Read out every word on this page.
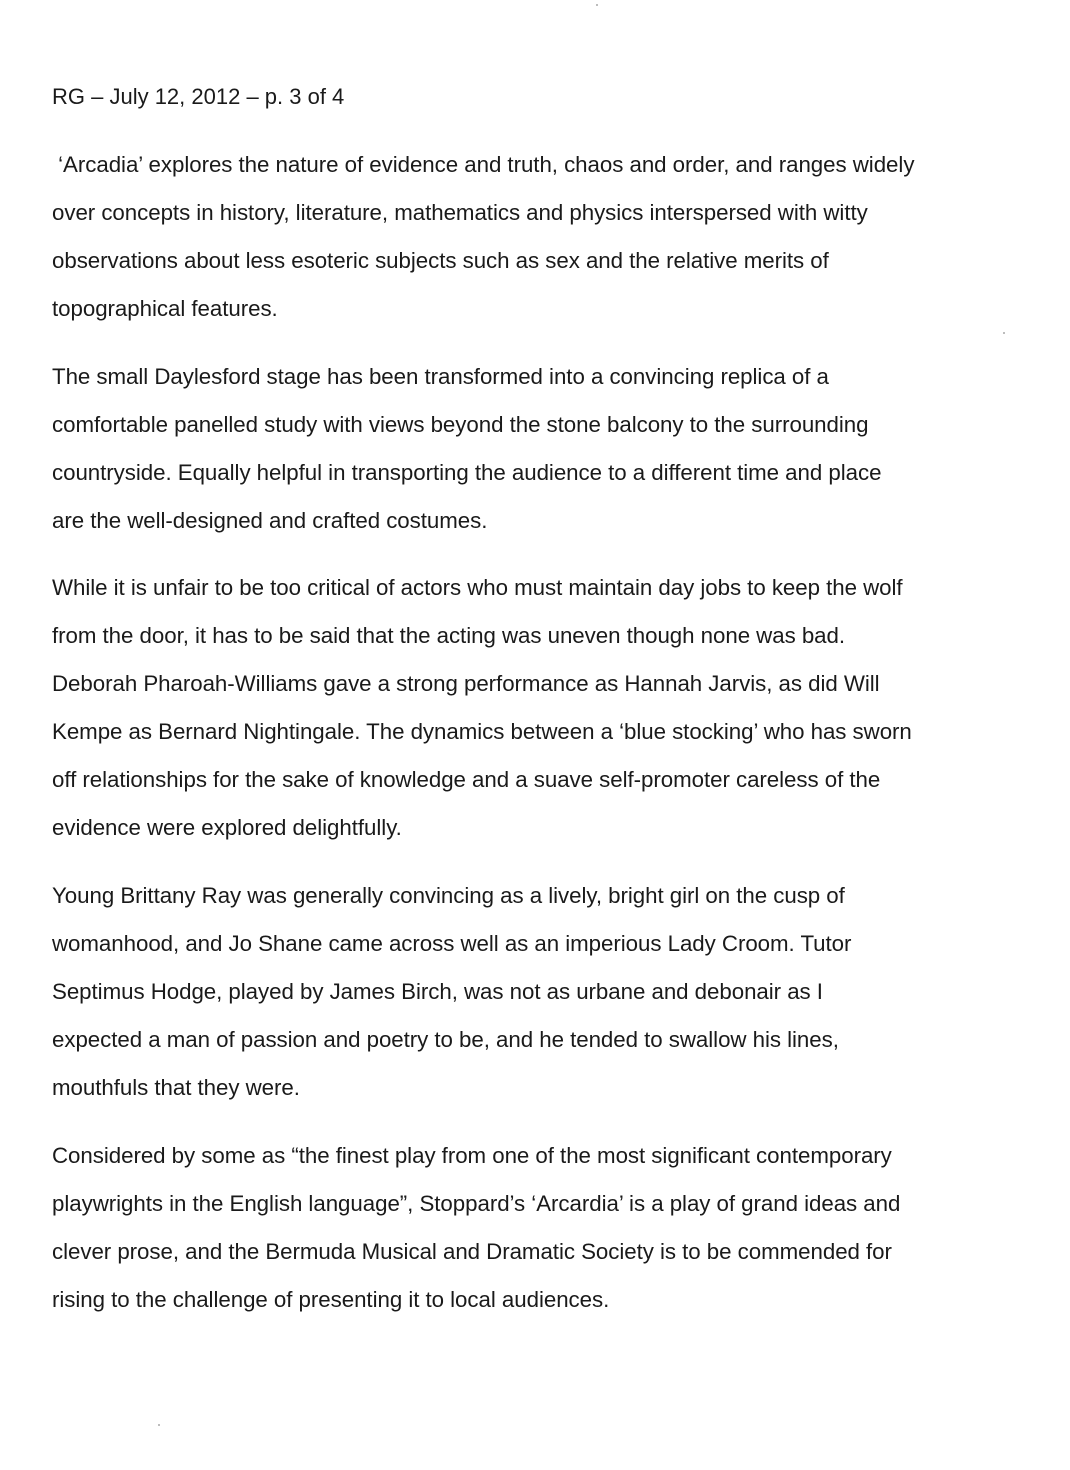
RG – July 12, 2012 – p. 3 of 4

‘Arcadia’ explores the nature of evidence and truth, chaos and order, and ranges widely
over concepts in history, literature, mathematics and physics interspersed with witty
observations about less esoteric subjects such as sex and the relative merits of
topographical features.

The small Daylesford stage has been transformed into a convincing replica of a
comfortable panelled study with views beyond the stone balcony to the surrounding
countryside. Equally helpful in transporting the audience to a different time and place
are the well-designed and crafted costumes.

While it is unfair to be too critical of actors who must maintain day jobs to keep the wolf
from the door, it has to be said that the acting was uneven though none was bad.
Deborah Pharoah-Williams gave a strong performance as Hannah Jarvis, as did Will
Kempe as Bernard Nightingale. The dynamics between a ‘blue stocking’ who has sworn
off relationships for the sake of knowledge and a suave self-promoter careless of the
evidence were explored delightfully.

Young Brittany Ray was generally convincing as a lively, bright girl on the cusp of
womanhood, and Jo Shane came across well as an imperious Lady Croom. Tutor
Septimus Hodge, played by James Birch, was not as urbane and debonair as I
expected a man of passion and poetry to be, and he tended to swallow his lines,
mouthfuls that they were.

Considered by some as “the finest play from one of the most significant contemporary
playwrights in the English language”, Stoppard’s ‘Arcardia’ is a play of grand ideas and
clever prose, and the Bermuda Musical and Dramatic Society is to be commended for
rising to the challenge of presenting it to local audiences.
